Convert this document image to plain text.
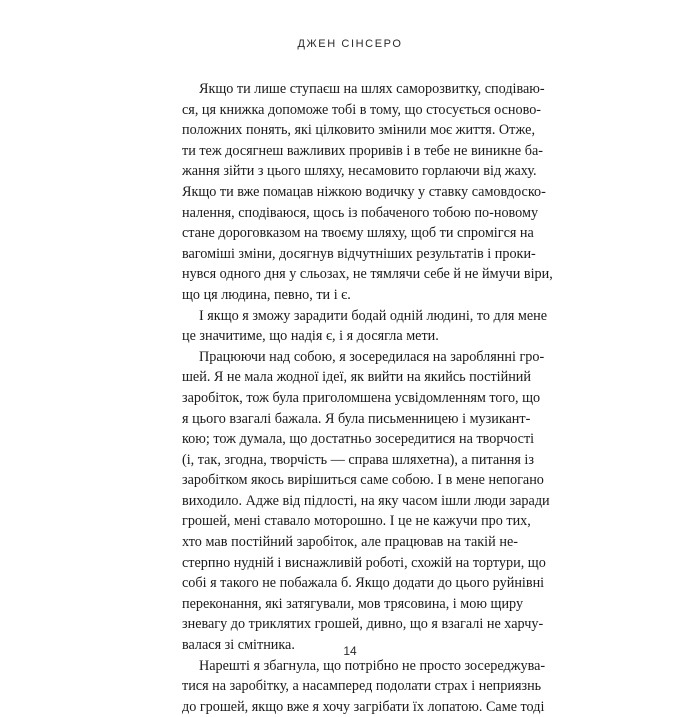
ДЖЕН СІНСЕРО
Якщо ти лише ступаєш на шлях саморозвитку, сподіваю-
ся, ця книжка допоможе тобі в тому, що стосується осново-
положних понять, які цілковито змінили моє життя. Отже,
ти теж досягнеш важливих проривів і в тебе не виникне ба-
жання зійти з цього шляху, несамовито горлаючи від жаху.
Якщо ти вже помацав ніжкою водичку у ставку самовдоско-
налення, сподіваюся, щось із побаченого тобою по-новому
стане дороговказом на твоєму шляху, щоб ти спромігся на
вагоміші зміни, досягнув відчутніших результатів і проки-
нувся одного дня у сльозах, не тямлячи себе й не ймучи віри,
що ця людина, певно, ти і є.
І якщо я зможу зарадити бодай одній людині, то для мене
це значитиме, що надія є, і я досягла мети.
Працюючи над собою, я зосередилася на зароблянні гро-
шей. Я не мала жодної ідеї, як вийти на якийсь постійний
заробіток, тож була приголомшена усвідомленням того, що
я цього взагалі бажала. Я була письменницею і музикант-
кою; тож думала, що достатньо зосередитися на творчості
(і, так, згодна, творчість — справа шляхетна), а питання із
заробітком якось вирішиться саме собою. І в мене непогано
виходило. Адже від підлості, на яку часом ішли люди заради
грошей, мені ставало моторошно. І це не кажучи про тих,
хто мав постійний заробіток, але працював на такій не-
стерпно нудній і виснажливій роботі, схожій на тортури, що
собі я такого не побажала б. Якщо додати до цього руйнівні
переконання, які затягували, мов трясовина, і мою щиру
зневагу до триклятих грошей, дивно, що я взагалі не харчу-
валася зі смітника.
Нарешті я збагнула, що потрібно не просто зосереджува-
тися на заробітку, а насамперед подолати страх і неприязнь
до грошей, якщо вже я хочу загрібати їх лопатою. Саме тоді
14
